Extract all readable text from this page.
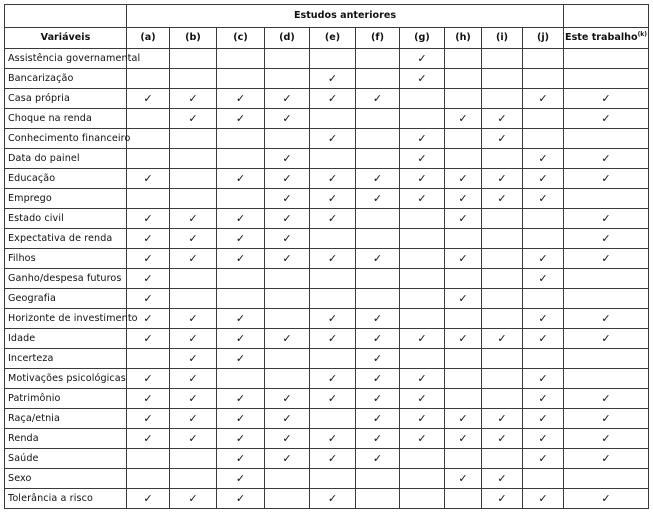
	Estudos anteriores										
Variáveis	(a)	(b)	(c)	(d)	(e)	(f)	(g)	(h)	(i)	(j)	Este trabalho$^{(k)}$
Assistência governamental							✓				
Bancarização					✓		✓				
Casa própria	✓	✓	✓	✓	✓	✓				✓	✓
Choque na renda		✓	✓	✓				✓	✓		✓
Conhecimento financeiro					✓		✓		✓		
Data do painel				✓			✓			✓	✓
Educação	✓		✓	✓	✓	✓	✓	✓	✓	✓	✓
Emprego				✓	✓	✓	✓	✓	✓	✓	
Estado civil	✓	✓	✓	✓	✓			✓			✓
Expectativa de renda	✓	✓	✓	✓							✓
Filhos	✓	✓	✓	✓	✓	✓		✓		✓	✓
Ganho/despesa futuros	✓									✓	
Geografia	✓							✓			
Horizonte de investimento	✓	✓	✓		✓	✓				✓	✓
Idade	✓	✓	✓	✓	✓	✓	✓	✓	✓	✓	✓
Incerteza		✓	✓			✓					
Motivações psicológicas	✓	✓			✓	✓	✓			✓	
Patrimônio	✓	✓	✓	✓	✓	✓	✓			✓	✓
Raça/etnia	✓	✓	✓	✓		✓	✓	✓	✓	✓	✓
Renda	✓	✓	✓	✓	✓	✓	✓	✓	✓	✓	✓
Saúde			✓	✓	✓	✓				✓	✓
Sexo			✓					✓	✓		
Tolerância a risco	✓	✓	✓		✓				✓	✓	✓
